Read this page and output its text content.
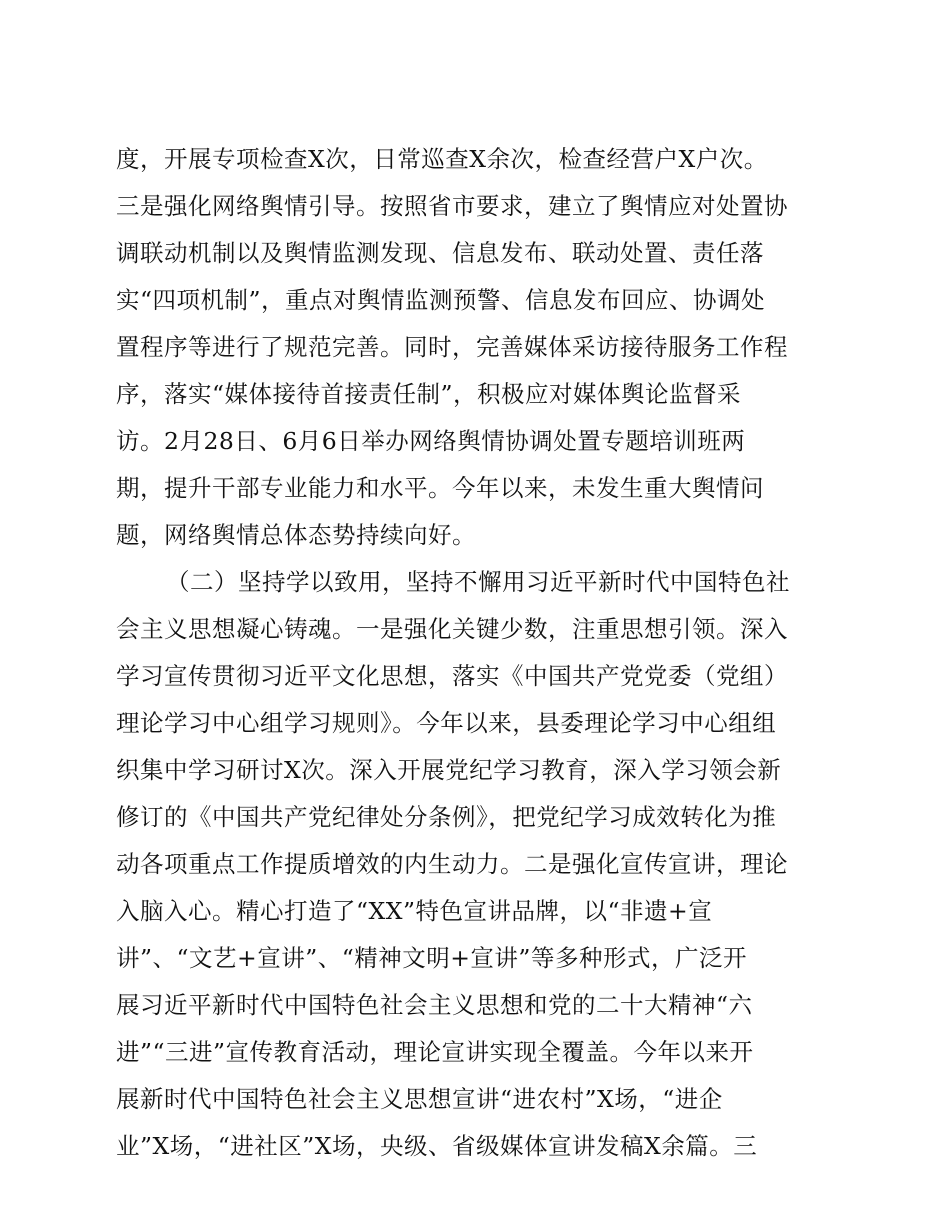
度，开展专项检查X次，日常巡查X余次，检查经营户X户次。
三是强化网络舆情引导。按照省市要求，建立了舆情应对处置协
调联动机制以及舆情监测发现、信息发布、联动处置、责任落
实“四项机制”，重点对舆情监测预警、信息发布回应、协调处
置程序等进行了规范完善。同时，完善媒体采访接待服务工作程
序，落实“媒体接待首接责任制”，积极应对媒体舆论监督采
访。2月28日、6月6日举办网络舆情协调处置专题培训班两
期，提升干部专业能力和水平。今年以来，未发生重大舆情问
题，网络舆情总体态势持续向好。
（二）坚持学以致用，坚持不懈用习近平新时代中国特色社
会主义思想凝心铸魂。一是强化关键少数，注重思想引领。深入
学习宣传贯彻习近平文化思想，落实《中国共产党党委（党组）
理论学习中心组学习规则》。今年以来，县委理论学习中心组组
织集中学习研讨X次。深入开展党纪学习教育，深入学习领会新
修订的《中国共产党纪律处分条例》，把党纪学习成效转化为推
动各项重点工作提质增效的内生动力。二是强化宣传宣讲，理论
入脑入心。精心打造了“XX”特色宣讲品牌，以“非遗+宣
讲”、“文艺+宣讲”、“精神文明+宣讲”等多种形式，广泛开
展习近平新时代中国特色社会主义思想和党的二十大精神“六
进”“三进”宣传教育活动，理论宣讲实现全覆盖。今年以来开
展新时代中国特色社会主义思想宣讲“进农村”X场，“进企
业”X场，“进社区”X场，央级、省级媒体宣讲发稿X余篇。三
